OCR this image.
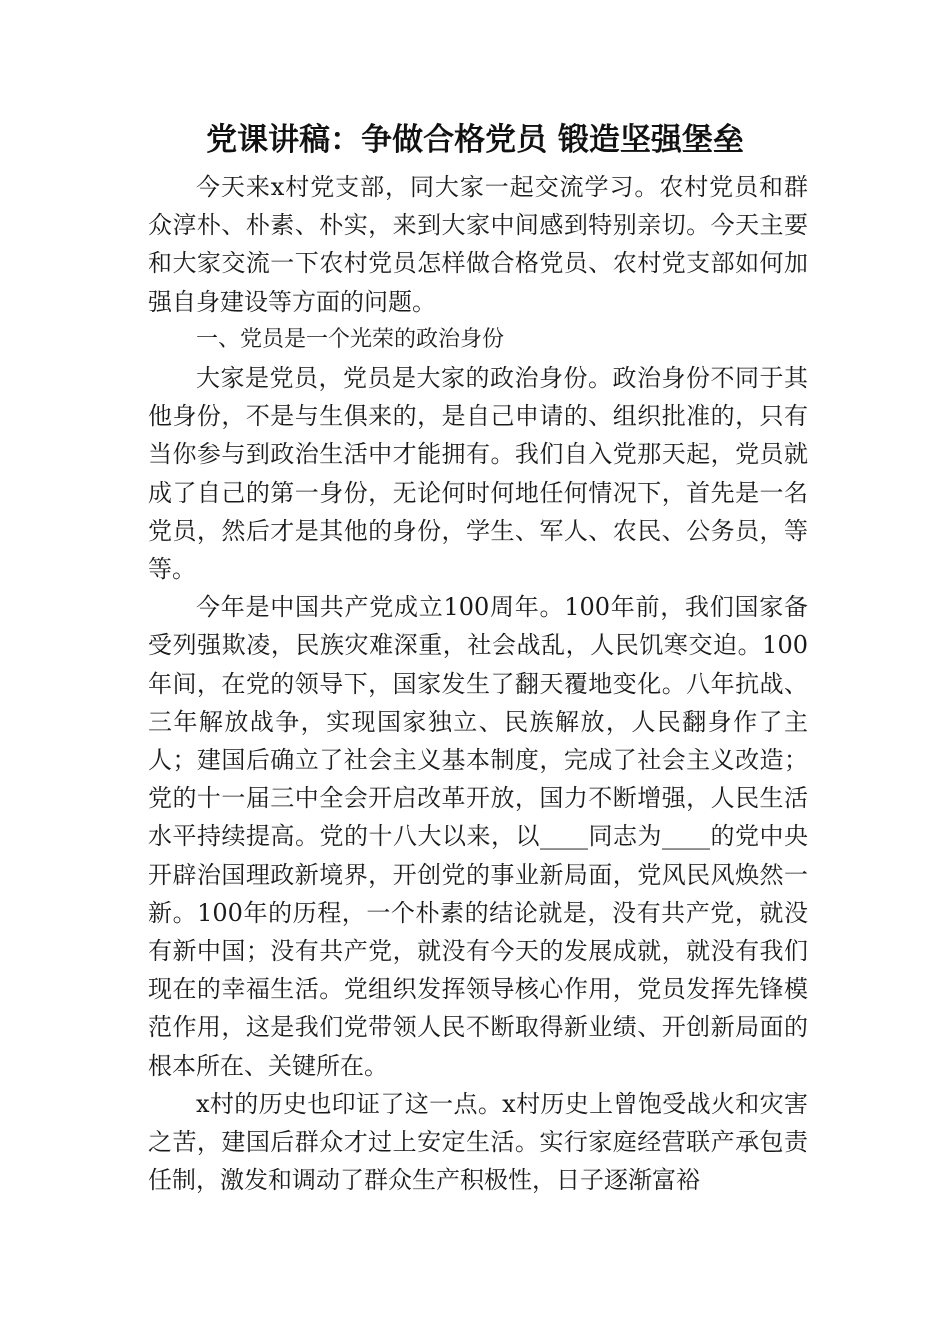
党课讲稿：争做合格党员 锻造坚强堡垒

今天来x村党支部，同大家一起交流学习。农村党员和群众淳朴、朴素、朴实，来到大家中间感到特别亲切。今天主要和大家交流一下农村党员怎样做合格党员、农村党支部如何加强自身建设等方面的问题。

一、党员是一个光荣的政治身份

大家是党员，党员是大家的政治身份。政治身份不同于其他身份，不是与生俱来的，是自己申请的、组织批准的，只有当你参与到政治生活中才能拥有。我们自入党那天起，党员就成了自己的第一身份，无论何时何地任何情况下，首先是一名党员，然后才是其他的身份，学生、军人、农民、公务员，等等。

今年是中国共产党成立100周年。100年前，我们国家备受列强欺凌，民族灾难深重，社会战乱，人民饥寒交迫。100年间，在党的领导下，国家发生了翻天覆地变化。八年抗战、三年解放战争，实现国家独立、民族解放，人民翻身作了主人；建国后确立了社会主义基本制度，完成了社会主义改造；党的十一届三中全会开启改革开放，国力不断增强，人民生活水平持续提高。党的十八大以来，以____同志为____的党中央开辟治国理政新境界，开创党的事业新局面，党风民风焕然一新。100年的历程，一个朴素的结论就是，没有共产党，就没有新中国；没有共产党，就没有今天的发展成就，就没有我们现在的幸福生活。党组织发挥领导核心作用，党员发挥先锋模范作用，这是我们党带领人民不断取得新业绩、开创新局面的根本所在、关键所在。

x村的历史也印证了这一点。x村历史上曾饱受战火和灾害之苦，建国后群众才过上安定生活。实行家庭经营联产承包责任制，激发和调动了群众生产积极性，日子逐渐富裕
